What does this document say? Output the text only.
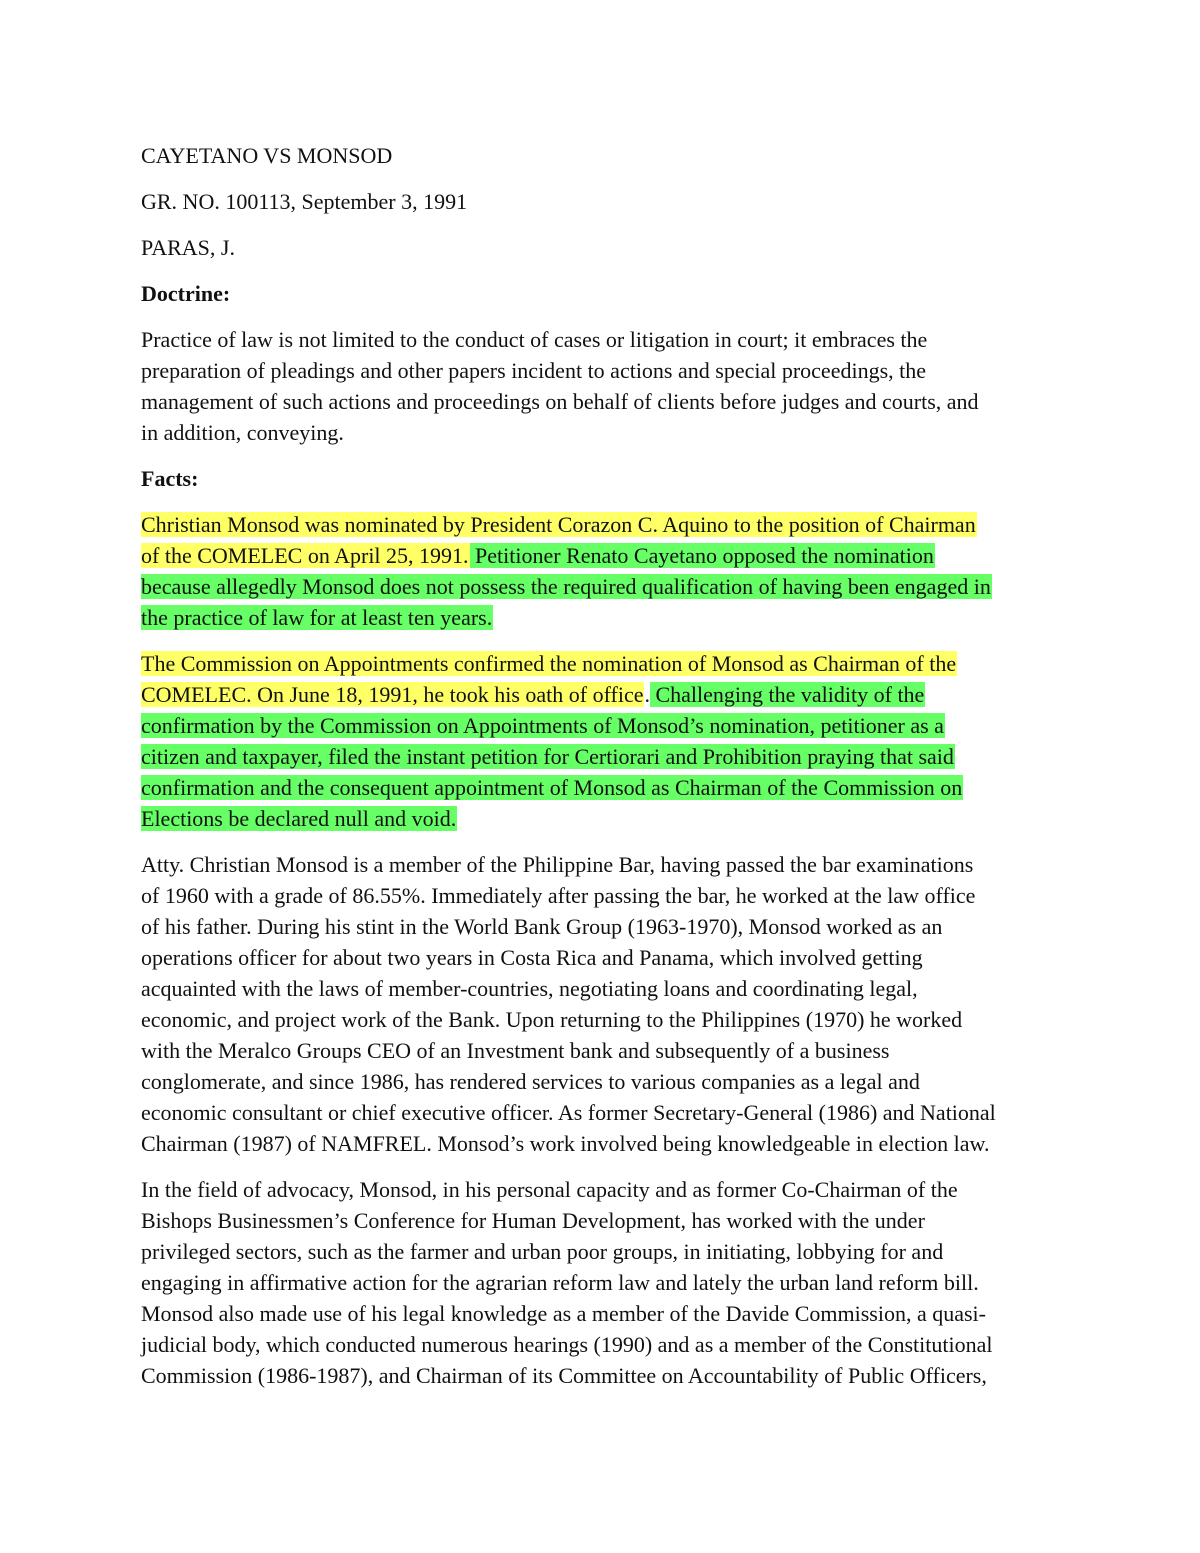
CAYETANO VS MONSOD

GR. NO. 100113, September 3, 1991

PARAS, J.

Doctrine:

Practice of law is not limited to the conduct of cases or litigation in court; it embraces the
preparation of pleadings and other papers incident to actions and special proceedings, the
management of such actions and proceedings on behalf of clients before judges and courts, and
in addition, conveying.

Facts:

Christian Monsod was nominated by President Corazon C. Aquino to the position of Chairman
of the COMELEC on April 25, 1991. Petitioner Renato Cayetano opposed the nomination
because allegedly Monsod does not possess the required qualification of having been engaged in
the practice of law for at least ten years.

The Commission on Appointments confirmed the nomination of Monsod as Chairman of the
COMELEC. On June 18, 1991, he took his oath of office. Challenging the validity of the
confirmation by the Commission on Appointments of Monsod’s nomination, petitioner as a
citizen and taxpayer, filed the instant petition for Certiorari and Prohibition praying that said
confirmation and the consequent appointment of Monsod as Chairman of the Commission on
Elections be declared null and void.

Atty. Christian Monsod is a member of the Philippine Bar, having passed the bar examinations
of 1960 with a grade of 86.55%. Immediately after passing the bar, he worked at the law office
of his father. During his stint in the World Bank Group (1963-1970), Monsod worked as an
operations officer for about two years in Costa Rica and Panama, which involved getting
acquainted with the laws of member-countries, negotiating loans and coordinating legal,
economic, and project work of the Bank. Upon returning to the Philippines (1970) he worked
with the Meralco Groups CEO of an Investment bank and subsequently of a business
conglomerate, and since 1986, has rendered services to various companies as a legal and
economic consultant or chief executive officer. As former Secretary-General (1986) and National
Chairman (1987) of NAMFREL. Monsod’s work involved being knowledgeable in election law.

In the field of advocacy, Monsod, in his personal capacity and as former Co-Chairman of the
Bishops Businessmen’s Conference for Human Development, has worked with the under
privileged sectors, such as the farmer and urban poor groups, in initiating, lobbying for and
engaging in affirmative action for the agrarian reform law and lately the urban land reform bill.
Monsod also made use of his legal knowledge as a member of the Davide Commission, a quasi-
judicial body, which conducted numerous hearings (1990) and as a member of the Constitutional
Commission (1986-1987), and Chairman of its Committee on Accountability of Public Officers,
